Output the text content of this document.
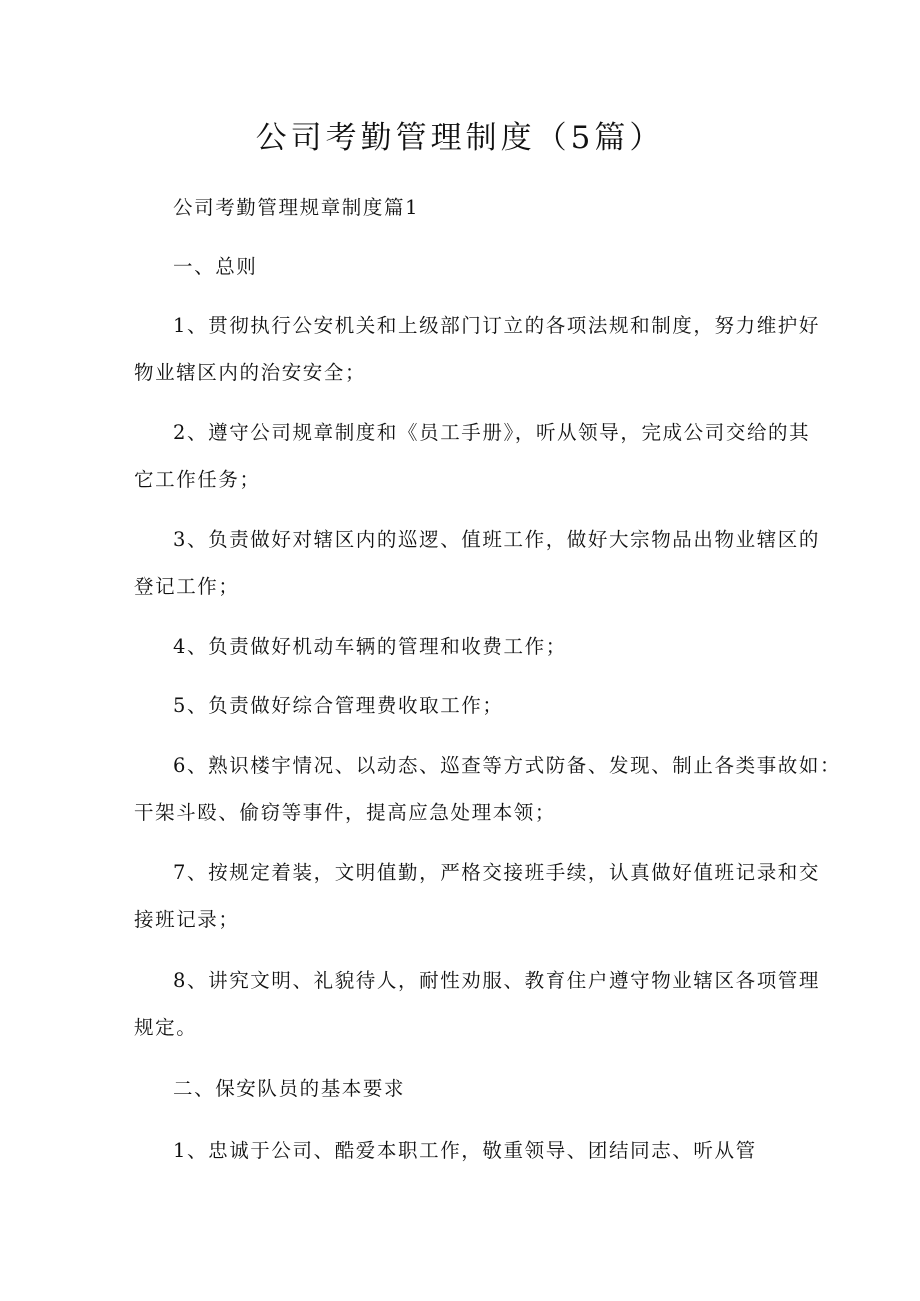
公司考勤管理制度（5篇）
公司考勤管理规章制度篇1
一、总则
1、贯彻执行公安机关和上级部门订立的各项法规和制度，努力维护好
物业辖区内的治安安全；
2、遵守公司规章制度和《员工手册》，听从领导，完成公司交给的其
它工作任务；
3、负责做好对辖区内的巡逻、值班工作，做好大宗物品出物业辖区的
登记工作；
4、负责做好机动车辆的管理和收费工作；
5、负责做好综合管理费收取工作；
6、熟识楼宇情况、以动态、巡查等方式防备、发现、制止各类事故如：
干架斗殴、偷窃等事件，提高应急处理本领；
7、按规定着装，文明值勤，严格交接班手续，认真做好值班记录和交
接班记录；
8、讲究文明、礼貌待人，耐性劝服、教育住户遵守物业辖区各项管理
规定。
二、保安队员的基本要求
1、忠诚于公司、酷爱本职工作，敬重领导、团结同志、听从管
